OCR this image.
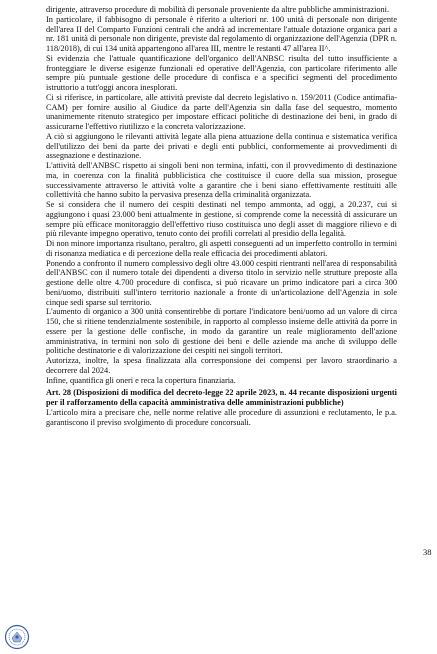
dirigente, attraverso procedure di mobilità di personale proveniente da altre pubbliche amministrazioni.

In particolare, il fabbisogno di personale è riferito a ulteriori nr. 100 unità di personale non dirigente dell'area II del Comparto Funzioni centrali che andrà ad incrementare l'attuale dotazione organica pari a nr. 181 unità di personale non dirigente, previste dal regolamento di organizzazione dell'Agenzia (DPR n. 118/2018), di cui 134 unità appartengono all'area III, mentre le restanti 47 all'area II^.

Si evidenzia che l'attuale quantificazione dell'organico dell'ANBSC risulta del tutto insufficiente a fronteggiare le diverse esigenze funzionali ed operative dell'Agenzia, con particolare riferimento alle sempre più puntuale gestione delle procedure di confisca e a specifici segmenti del procedimento istruttorio a tutt'oggi ancora inesplorati.

Ci si riferisce, in particolare, alle attività previste dal decreto legislativo n. 159/2011 (Codice antimafia-CAM) per fornire ausilio al Giudice da parte dell'Agenzia sin dalla fase del sequestro, momento unanimemente ritenuto strategico per impostare efficaci politiche di destinazione dei beni, in grado di assicurarne l'effettivo riutilizzo e la concreta valorizzazione.

A ciò si aggiungono le rilevanti attività legate alla piena attuazione della continua e sistematica verifica dell'utilizzo dei beni da parte dei privati e degli enti pubblici, conformemente ai provvedimenti di assegnazione e destinazione.

L'attività dell'ANBSC rispetto ai singoli beni non termina, infatti, con il provvedimento di destinazione ma, in coerenza con la finalità pubblicistica che costituisce il cuore della sua mission, prosegue successivamente attraverso le attività volte a garantire che i beni siano effettivamente restituiti alle collettività che hanno subito la pervasiva presenza della criminalità organizzata.

Se si considera che il numero dei cespiti destinati nel tempo ammonta, ad oggi, a 20.237, cui si aggiungono i quasi 23.000 beni attualmente in gestione, si comprende come la necessità di assicurare un sempre più efficace monitoraggio dell'effettivo riuso costituisca uno degli asset di maggiore rilievo e di più rilevante impegno operativo, tenuto conto dei profili correlati al presidio della legalità.

Di non minore importanza risultano, peraltro, gli aspetti conseguenti ad un imperfetto controllo in termini di risonanza mediatica e di percezione della reale efficacia dei procedimenti ablatori.

Ponendo a confronto il numero complessivo degli oltre 43.000 cespiti rientranti nell'area di responsabilità dell'ANBSC con il numero totale dei dipendenti a diverso titolo in servizio nelle strutture preposte alla gestione delle oltre 4.700 procedure di confisca, si può ricavare un primo indicatore pari a circa 300 beni/uomo, distribuiti sull'intero territorio nazionale a fronte di un'articolazione dell'Agenzia in sole cinque sedi sparse sul territorio.

L'aumento di organico a 300 unità consentirebbe di portare l'indicatore beni/uomo ad un valore di circa 150, che si ritiene tendenzialmente sostenibile, in rapporto al complesso insieme delle attività da porre in essere per la gestione delle confische, in modo da garantire un reale miglioramento dell'azione amministrativa, in termini non solo di gestione dei beni e delle aziende ma anche di sviluppo delle politiche destinatorie e di valorizzazione dei cespiti nei singoli territori.

Autorizza, inoltre, la spesa finalizzata alla corresponsione dei compensi per lavoro straordinario a decorrere dal 2024.

Infine, quantifica gli oneri e reca la copertura finanziaria.

Art. 28 (Disposizioni di modifica del decreto-legge 22 aprile 2023, n. 44 recante disposizioni urgenti per il rafforzamento della capacità amministrativa delle amministrazioni pubbliche)

L'articolo mira a precisare che, nelle norme relative alle procedure di assunzioni e reclutamento, le p.a. garantiscono il previso svolgimento di procedure concorsuali.

38
